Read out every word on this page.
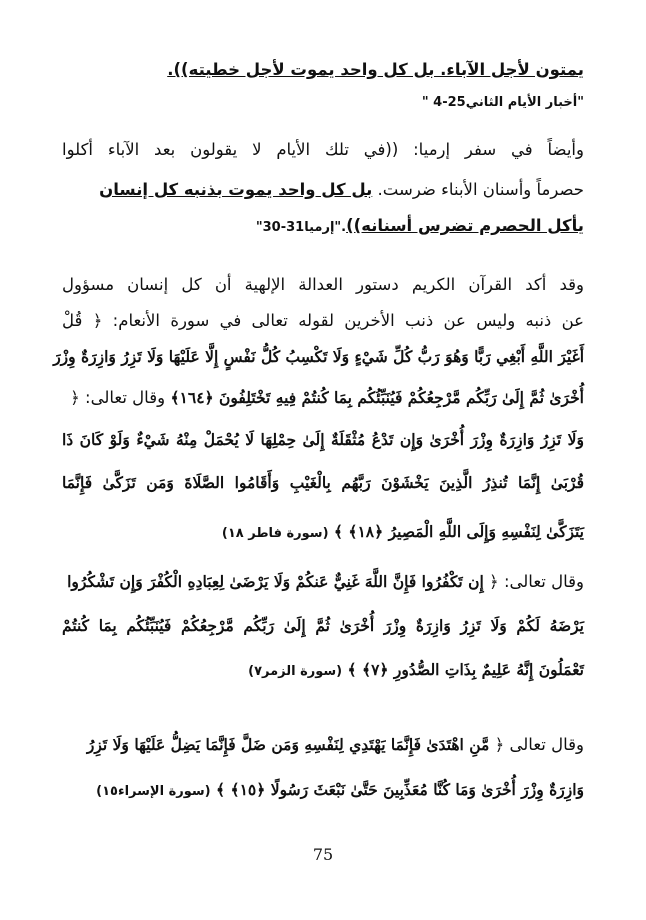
يمتون لأجل الآباء. بل كل واحد يموت لأجل خطيته)).
"أخبار الأيام الثاني25-4 "
وأيضاً في سفر إرميا: ((في تلك الأيام لا يقولون بعد الآباء أكلوا
حصرماً وأسنان الأبناء ضرست. بل كل واحد يموت بذنبه كل إنسان
يأكل الحصرم تضرس أسنانه))."إرميا31-30"
وقد أكد القرآن الكريم دستور العدالة الإلهية أن كل إنسان مسؤول
عن ذنبه وليس عن ذنب الأخرين لقوله تعالى في سورة الأنعام: ﴿ قُلْ
أَغَيْرَ اللَّهِ أَبْغِي رَبًّا وَهُوَ رَبُّ كُلِّ شَيْءٍ وَلَا تَكْسِبُ كُلُّ نَفْسٍ إِلَّا عَلَيْهَا وَلَا تَزِرُ وَازِرَةٌ وِزْرَ
أُخْرَىٰ ثُمَّ إِلَىٰ رَبِّكُم مَّرْجِعُكُمْ فَيُنَبِّئُكُم بِمَا كُنتُمْ فِيهِ تَخْتَلِفُونَ ﴿١٦٤﴾ وقال تعالى: ﴿
وَلَا تَزِرُ وَازِرَةٌ وِزْرَ أُخْرَىٰ وَإِن تَدْعُ مُثْقَلَةٌ إِلَىٰ حِمْلِهَا لَا يُحْمَلْ مِنْهُ شَيْءٌ وَلَوْ كَانَ ذَا
قُرْبَىٰ إِنَّمَا تُنذِرُ الَّذِينَ يَخْشَوْنَ رَبَّهُم بِالْغَيْبِ وَأَقَامُوا الصَّلَاةَ وَمَن تَزَكَّىٰ فَإِنَّمَا
يَتَزَكَّىٰ لِنَفْسِهِ وَإِلَى اللَّهِ الْمَصِيرُ ﴿١٨﴾ ﴾ (سورة فاطر ١٨)
وقال تعالى: ﴿ إِن تَكْفُرُوا فَإِنَّ اللَّهَ غَنِيٌّ عَنكُمْ وَلَا يَرْضَىٰ لِعِبَادِهِ الْكُفْرَ وَإِن تَشْكُرُوا
يَرْضَهُ لَكُمْ وَلَا تَزِرُ وَازِرَةٌ وِزْرَ أُخْرَىٰ ثُمَّ إِلَىٰ رَبِّكُم مَّرْجِعُكُمْ فَيُنَبِّئُكُم بِمَا كُنتُمْ
تَعْمَلُونَ إِنَّهُ عَلِيمٌ بِذَاتِ الصُّدُورِ ﴿٧﴾ ﴾ (سورة الزمر٧)
وقال تعالى ﴿ مَّنِ اهْتَدَىٰ فَإِنَّمَا يَهْتَدِي لِنَفْسِهِ وَمَن ضَلَّ فَإِنَّمَا يَضِلُّ عَلَيْهَا وَلَا تَزِرُ
وَازِرَةٌ وِزْرَ أُخْرَىٰ وَمَا كُنَّا مُعَذِّبِينَ حَتَّىٰ نَبْعَثَ رَسُولًا ﴿١٥﴾ ﴾ (سورة الإسراء١٥)
75
